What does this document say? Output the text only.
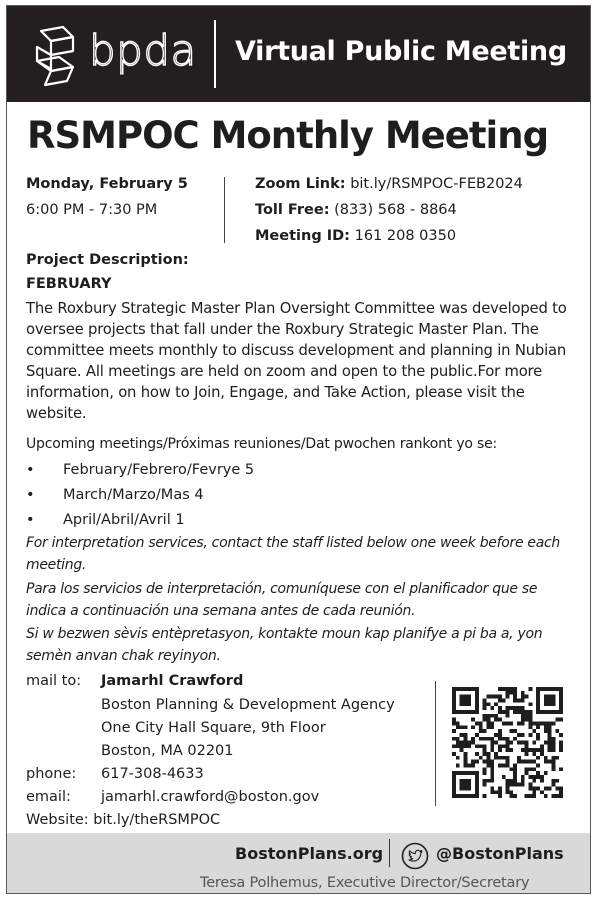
bpda Virtual Public Meeting
RSMPOC Monthly Meeting
Monday, February 5
6:00 PM - 7:30 PM
Zoom Link: bit.ly/RSMPOC-FEB2024
Toll Free: (833) 568 - 8864
Meeting ID: 161 208 0350
Project Description:
FEBRUARY
The Roxbury Strategic Master Plan Oversight Committee was developed to oversee projects that fall under the Roxbury Strategic Master Plan. The committee meets monthly to discuss development and planning in Nubian Square. All meetings are held on zoom and open to the public.For more information, on how to Join, Engage, and Take Action, please visit the website.
Upcoming meetings/Próximas reuniones/Dat pwochen rankont yo se:
• February/Febrero/Fevrye 5
• March/Marzo/Mas 4
• April/Abril/Avril 1
For interpretation services, contact the staff listed below one week before each meeting.
Para los servicios de interpretación, comuníquese con el planificador que se indica a continuación una semana antes de cada reunión.
Si w bezwen sèvis entèpretasyon, kontakte moun kap planifye a pi ba a, yon semèn anvan chak reyinyon.
mail to: Jamarhl Crawford
Boston Planning & Development Agency
One City Hall Square, 9th Floor
Boston, MA 02201
phone: 617-308-4633
email: jamarhl.crawford@boston.gov
Website: bit.ly/theRSMPOC
BostonPlans.org	@BostonPlans
Teresa Polhemus, Executive Director/Secretary
